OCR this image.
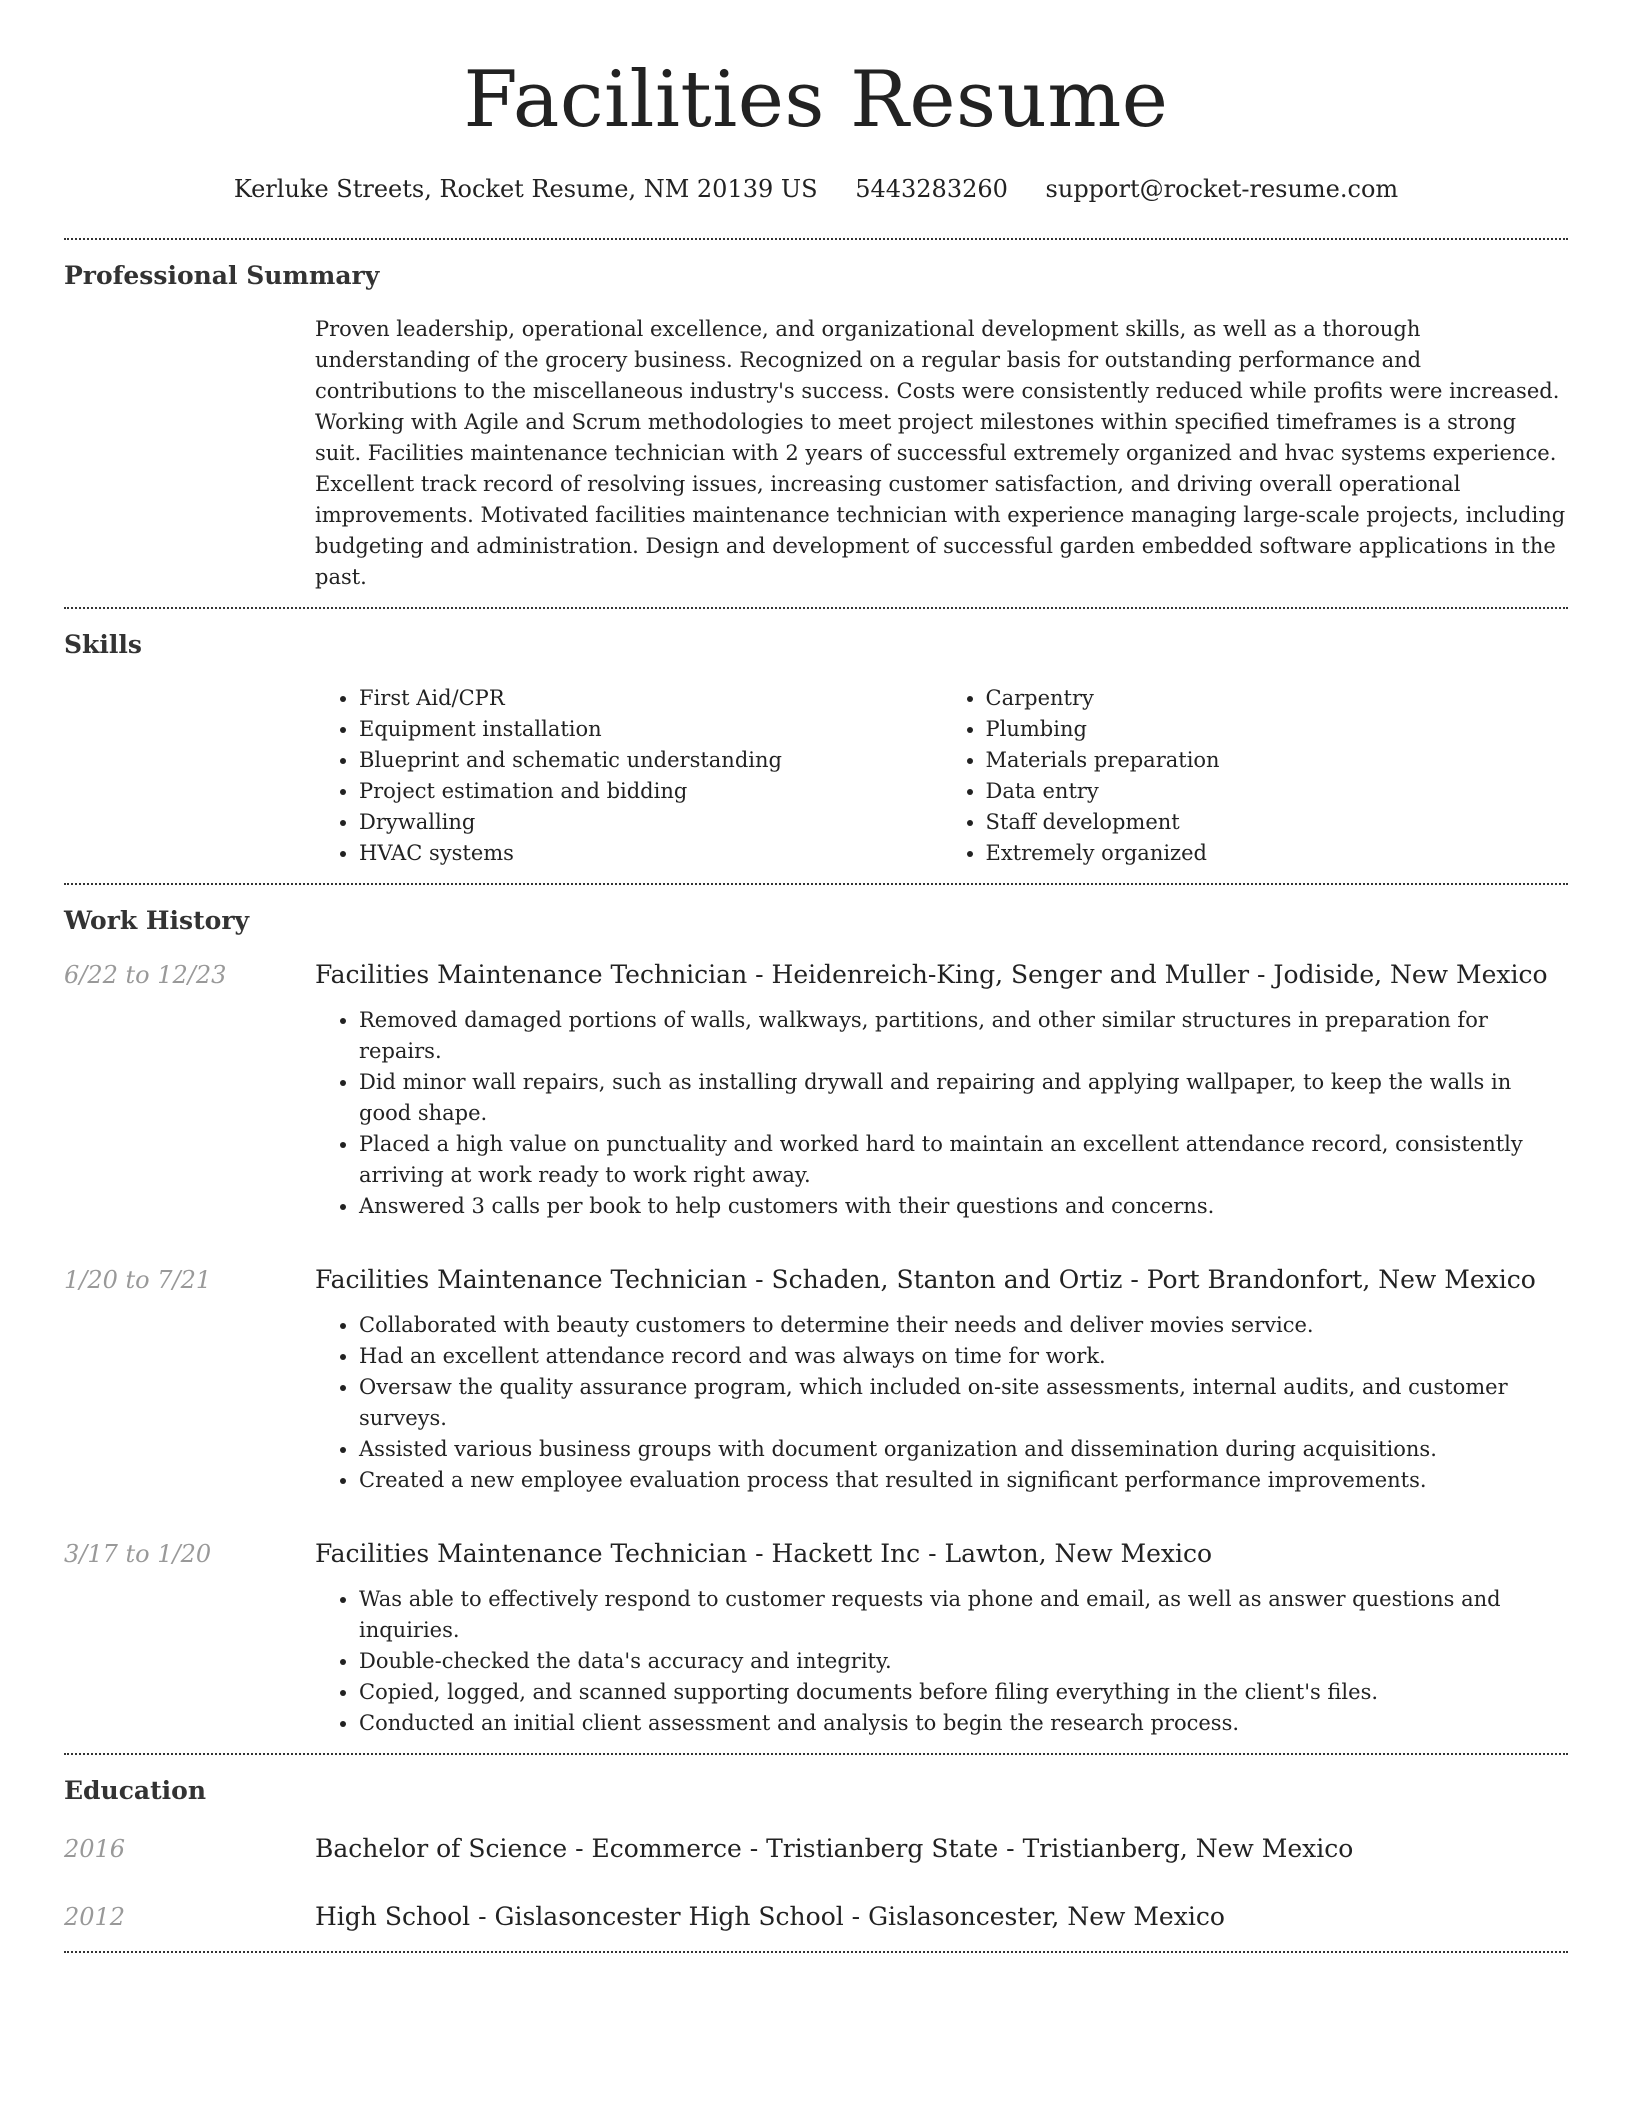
Facilities Resume
Kerluke Streets, Rocket Resume, NM 20139 US 5443283260 support@rocket-resume.com
Professional Summary

Proven leadership, operational excellence, and organizational development skills, as well as a thorough understanding of the grocery business. Recognized on a regular basis for outstanding performance and contributions to the miscellaneous industry's success. Costs were consistently reduced while profits were increased. Working with Agile and Scrum methodologies to meet project milestones within specified timeframes is a strong suit. Facilities maintenance technician with 2 years of successful extremely organized and hvac systems experience. Excellent track record of resolving issues, increasing customer satisfaction, and driving overall operational improvements. Motivated facilities maintenance technician with experience managing large-scale projects, including budgeting and administration. Design and development of successful garden embedded software applications in the past.

Skills
• First Aid/CPR
• Equipment installation
• Blueprint and schematic understanding
• Project estimation and bidding
• Drywalling
• HVAC systems
• Carpentry
• Plumbing
• Materials preparation
• Data entry
• Staff development
• Extremely organized
Work History
6/22 to 12/23	Facilities Maintenance Technician - Heidenreich-King, Senger and Muller - Jodiside, New Mexico
• Removed damaged portions of walls, walkways, partitions, and other similar structures in preparation for repairs.
• Did minor wall repairs, such as installing drywall and repairing and applying wallpaper, to keep the walls in good shape.
• Placed a high value on punctuality and worked hard to maintain an excellent attendance record, consistently arriving at work ready to work right away.
• Answered 3 calls per book to help customers with their questions and concerns.
1/20 to 7/21	Facilities Maintenance Technician - Schaden, Stanton and Ortiz - Port Brandonfort, New Mexico
• Collaborated with beauty customers to determine their needs and deliver movies service.
• Had an excellent attendance record and was always on time for work.
• Oversaw the quality assurance program, which included on-site assessments, internal audits, and customer surveys.
• Assisted various business groups with document organization and dissemination during acquisitions.
• Created a new employee evaluation process that resulted in significant performance improvements.
3/17 to 1/20	Facilities Maintenance Technician - Hackett Inc - Lawton, New Mexico
• Was able to effectively respond to customer requests via phone and email, as well as answer questions and inquiries.
• Double-checked the data's accuracy and integrity.
• Copied, logged, and scanned supporting documents before filing everything in the client's files.
• Conducted an initial client assessment and analysis to begin the research process.
Education
2016	Bachelor of Science - Ecommerce - Tristianberg State - Tristianberg, New Mexico
2012	High School - Gislasoncester High School - Gislasoncester, New Mexico
